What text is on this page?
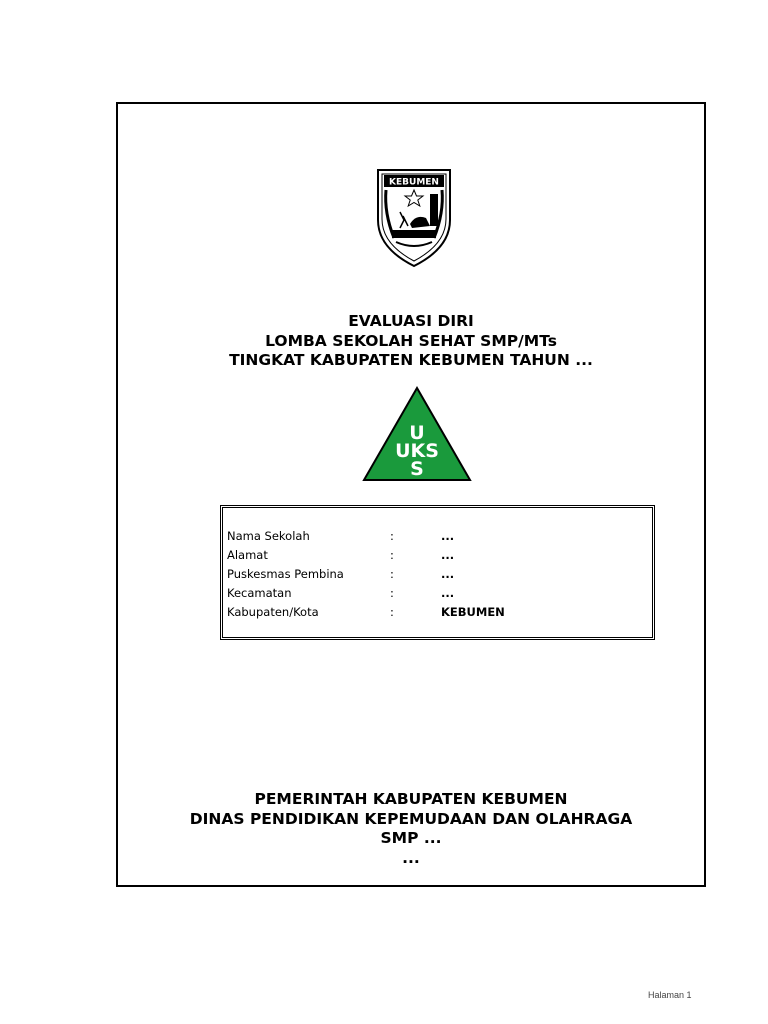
KEBUMEN
EVALUASI DIRI
LOMBA SEKOLAH SEHAT SMP/MTs
TINGKAT KABUPATEN KEBUMEN TAHUN ...
U
UKS
S
Nama Sekolah	:	...
Alamat	:	...
Puskesmas Pembina	:	...
Kecamatan	:	...
Kabupaten/Kota	:	KEBUMEN
PEMERINTAH KABUPATEN KEBUMEN
DINAS PENDIDIKAN KEPEMUDAAN DAN OLAHRAGA
SMP ...
...
Halaman 1
